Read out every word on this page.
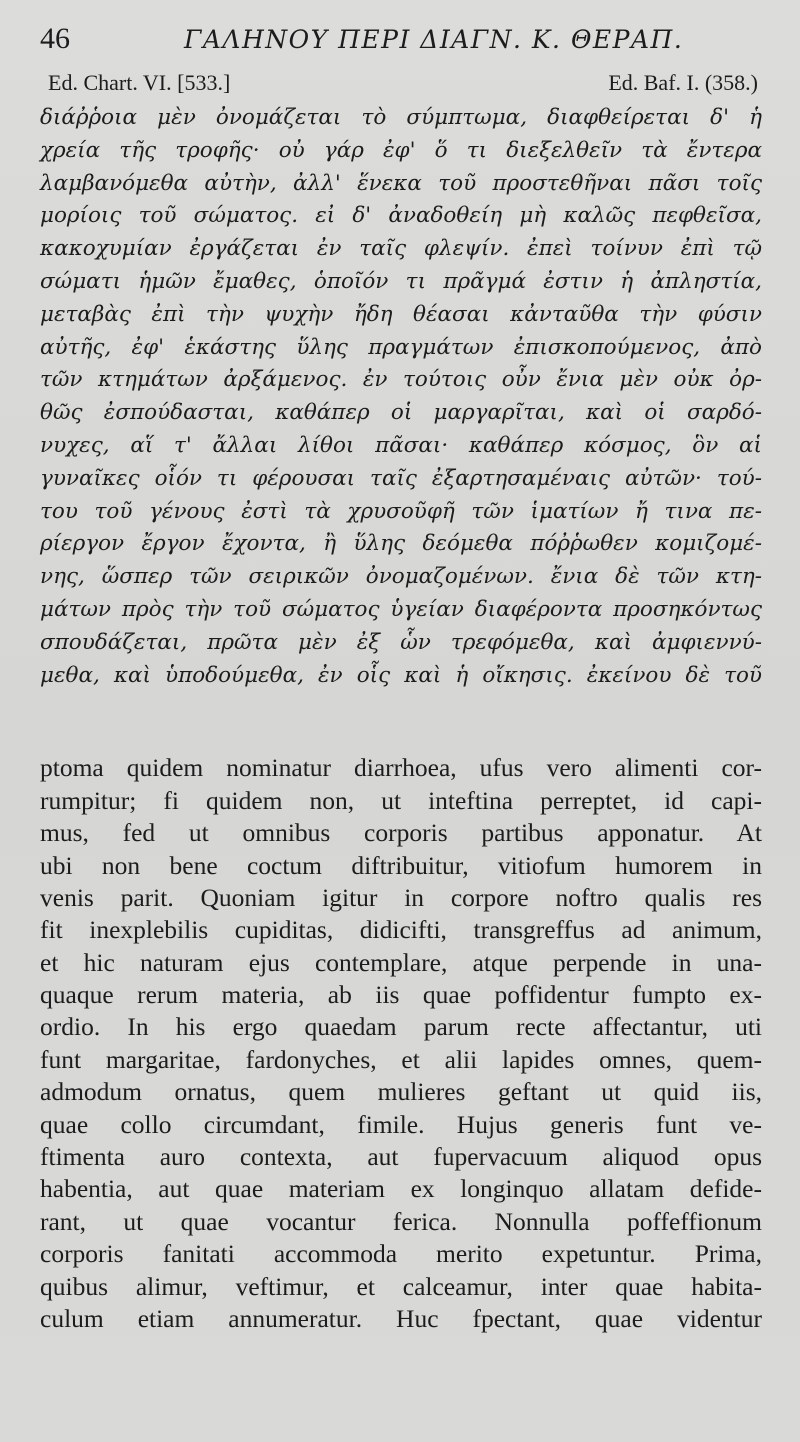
46	ΓΑΛΗΝΟΥ ΠΕΡΙ ΔΙΑΓΝ. Κ. ΘΕΡΑΠ.
Ed. Chart. VI. [533.]	Ed. Baf. I. (358.)
διάῤῥοια μὲν ὀνομάζεται τὸ σύμπτωμα, διαφθείρεται δ' ἡ
χρεία τῆς τροφῆς· οὐ γάρ ἐφ' ὅ τι διεξελθεῖν τὰ ἔντερα
λαμβανόμεθα αὐτὴν, ἀλλ' ἕνεκα τοῦ προστεθῆναι πᾶσι τοῖς
μορίοις τοῦ σώματος. εἰ δ' ἀναδοθείη μὴ καλῶς πεφθεῖσα,
κακοχυμίαν ἐργάζεται ἐν ταῖς φλεψίν. ἐπεὶ τοίνυν ἐπὶ τῷ
σώματι ἡμῶν ἔμαθες, ὁποῖόν τι πρᾶγμά ἐστιν ἡ ἀπληστία,
μεταβὰς ἐπὶ τὴν ψυχὴν ἤδη θέασαι κἀνταῦθα τὴν φύσιν
αὐτῆς, ἐφ' ἑκάστης ὕλης πραγμάτων ἐπισκοπούμενος, ἀπὸ
τῶν κτημάτων ἀρξάμενος. ἐν τούτοις οὖν ἔνια μὲν οὐκ ὀρ-
θῶς ἐσπούδασται, καθάπερ οἱ μαργαρῖται, καὶ οἱ σαρδό-
νυχες, αἵ τ' ἄλλαι λίθοι πᾶσαι· καθάπερ κόσμος, ὃν αἱ
γυναῖκες οἷόν τι φέρουσαι ταῖς ἐξαρτησαμέναις αὐτῶν· τού-
του τοῦ γένους ἐστὶ τὰ χρυσοῦφῆ τῶν ἱματίων ἤ τινα πε-
ρίεργον ἔργον ἔχοντα, ἢ ὕλης δεόμεθα πόῤῥωθεν κομιζομέ-
νης, ὥσπερ τῶν σειρικῶν ὀνομαζομένων. ἔνια δὲ τῶν κτη-
μάτων πρὸς τὴν τοῦ σώματος ὑγείαν διαφέροντα προσηκόντως
σπουδάζεται, πρῶτα μὲν ἐξ ὧν τρεφόμεθα, καὶ ἀμφιεννύ-
μεθα, καὶ ὑποδούμεθα, ἐν οἷς καὶ ἡ οἴκησις. ἐκείνου δὲ τοῦ
ptoma quidem nominatur diarrhoea, ufus vero alimenti cor-
rumpitur; fi quidem non, ut inteftina perreptet, id capi-
mus, fed ut omnibus corporis partibus apponatur. At
ubi non bene coctum diftribuitur, vitiofum humorem in
venis parit. Quoniam igitur in corpore noftro qualis res
fit inexplebilis cupiditas, didicifti, transgreffus ad animum,
et hic naturam ejus contemplare, atque perpende in una-
quaque rerum materia, ab iis quae poffidentur fumpto ex-
ordio. In his ergo quaedam parum recte affectantur, uti
funt margaritae, fardonyches, et alii lapides omnes, quem-
admodum ornatus, quem mulieres geftant ut quid iis,
quae collo circumdant, fimile. Hujus generis funt ve-
ftimenta auro contexta, aut fupervacuum aliquod opus
habentia, aut quae materiam ex longinquo allatam defide-
rant, ut quae vocantur ferica. Nonnulla poffeffionum
corporis fanitati accommoda merito expetuntur. Prima,
quibus alimur, veftimur, et calceamur, inter quae habita-
culum etiam annumeratur. Huc fpectant, quae videntur
